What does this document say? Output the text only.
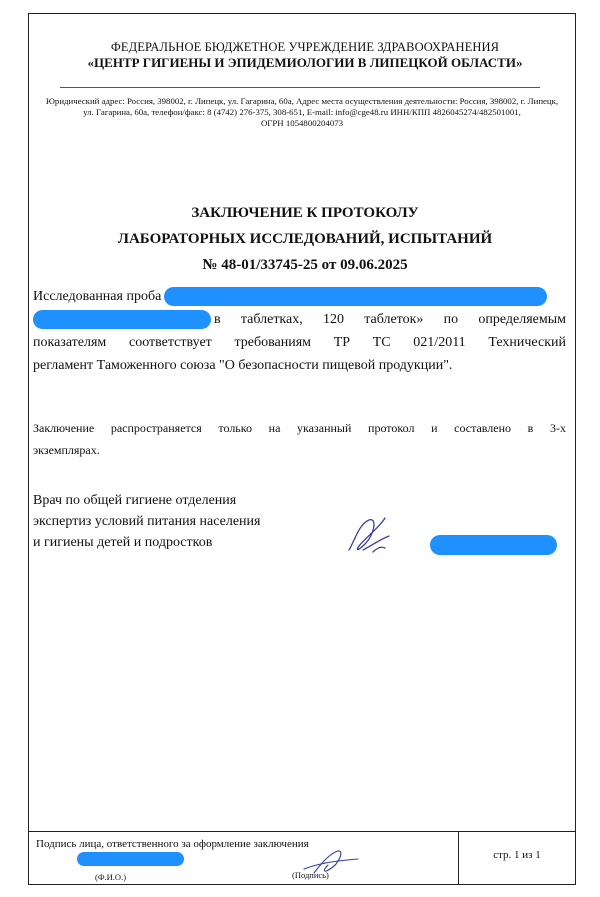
ФЕДЕРАЛЬНОЕ БЮДЖЕТНОЕ УЧРЕЖДЕНИЕ ЗДРАВООХРАНЕНИЯ
«ЦЕНТР ГИГИЕНЫ И ЭПИДЕМИОЛОГИИ В ЛИПЕЦКОЙ ОБЛАСТИ»
Юридический адрес: Россия, 398002, г. Липецк, ул. Гагарина, 60а, Адрес места осуществления деятельности: Россия, 398002, г. Липецк,
ул. Гагарина, 60а, телефон/факс: 8 (4742) 276-375, 308-651, E-mail: info@cge48.ru ИНН/КПП 4826045274/482501001,
ОГРН 1054800204073
ЗАКЛЮЧЕНИЕ К ПРОТОКОЛУ
ЛАБОРАТОРНЫХ ИССЛЕДОВАНИЙ, ИСПЫТАНИЙ
№ 48-01/33745-25 от 09.06.2025
Исследованная проба
в таблетках, 120 таблеток» по определяемым
показателям соответствует требованиям ТР ТС 021/2011 Технический
регламент Таможенного союза "О безопасности пищевой продукции".
Заключение распространяется только на указанный протокол и составлено в 3-х
экземплярах.
Врач по общей гигиене отделения
экспертиз условий питания населения
и гигиены детей и подростков
Подпись лица, ответственного за оформление заключения
(Ф.И.О.)	(Подпись)
стр. 1 из 1
